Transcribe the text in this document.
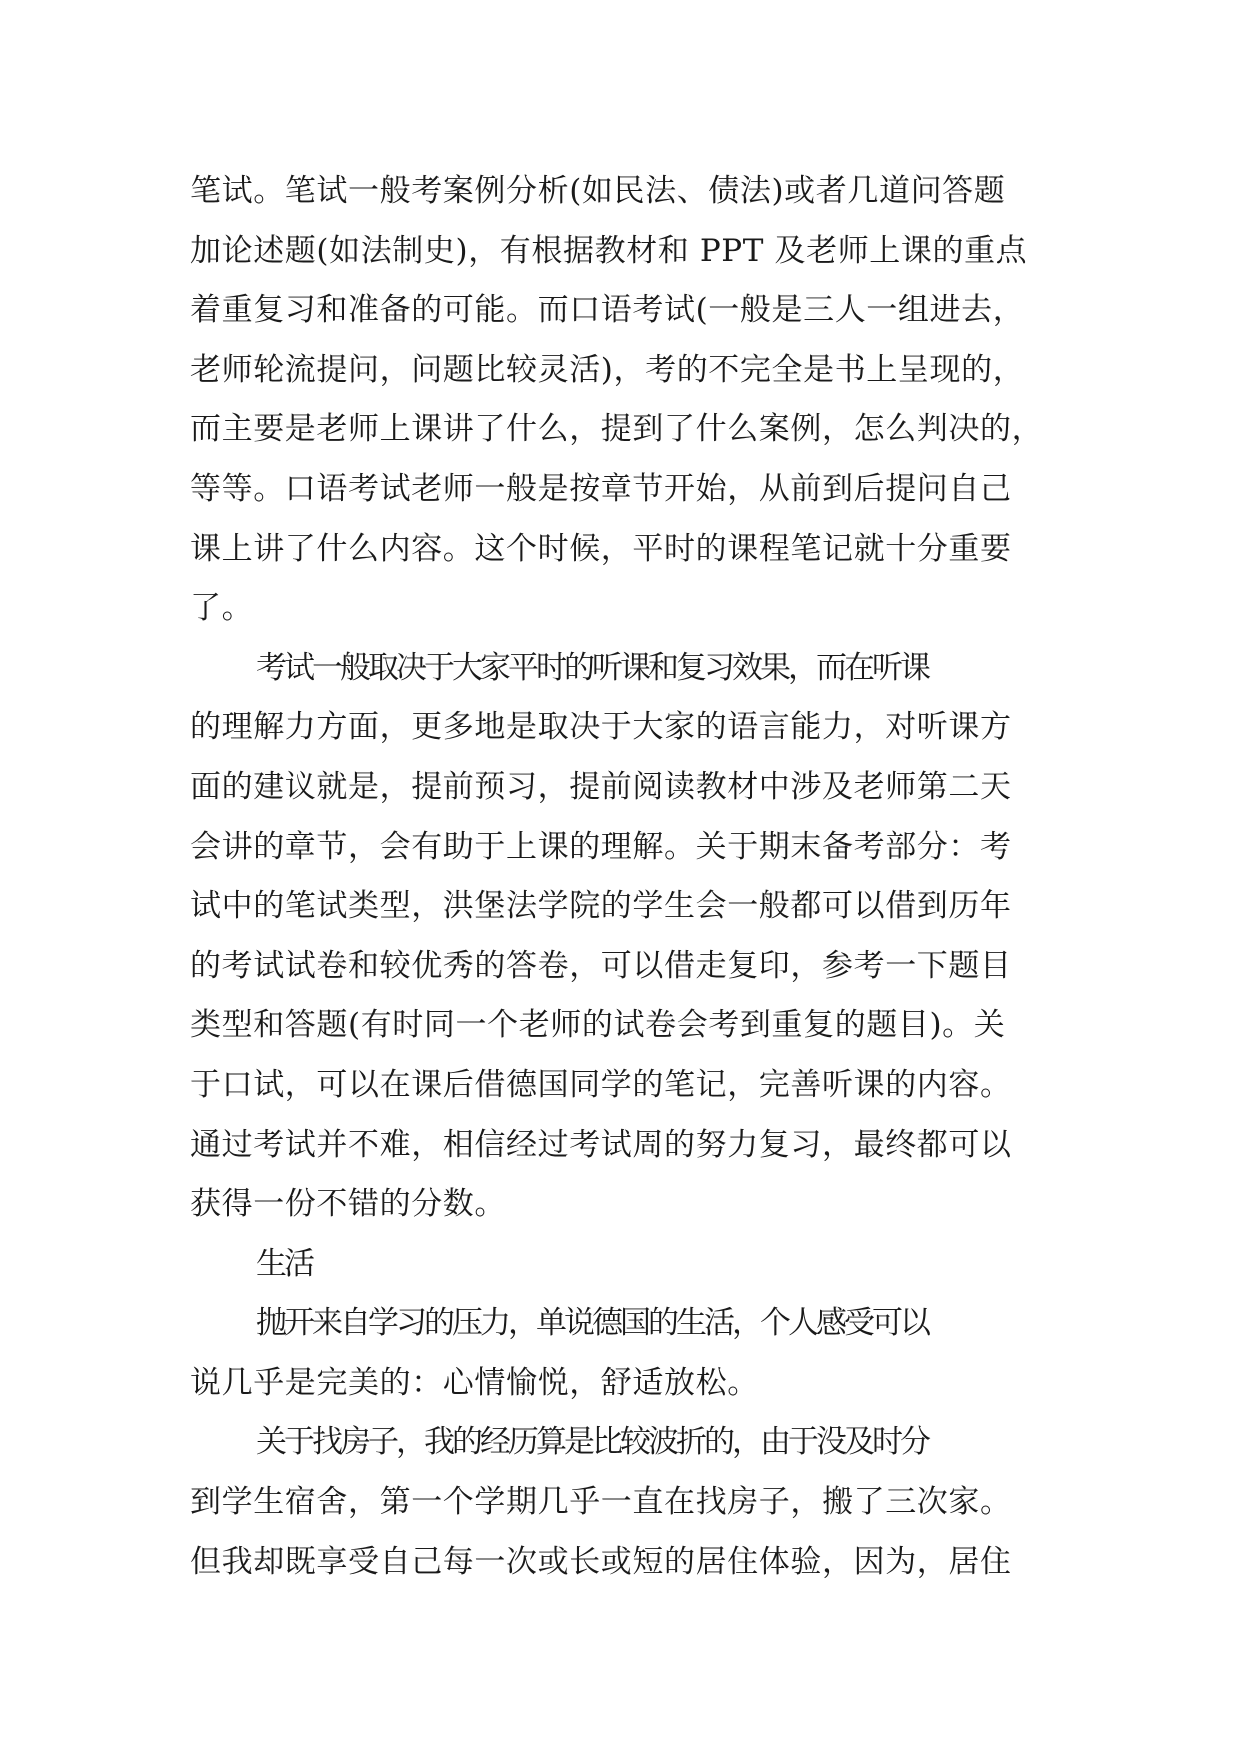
笔试。笔试一般考案例分析(如民法、债法)或者几道问答题
加论述题(如法制史)，有根据教材和 PPT 及老师上课的重点
着重复习和准备的可能。而口语考试(一般是三人一组进去，
老师轮流提问，问题比较灵活)，考的不完全是书上呈现的，
而主要是老师上课讲了什么，提到了什么案例，怎么判决的，
等等。口语考试老师一般是按章节开始，从前到后提问自己
课上讲了什么内容。这个时候，平时的课程笔记就十分重要
了。
考试一般取决于大家平时的听课和复习效果，而在听课
的理解力方面，更多地是取决于大家的语言能力，对听课方
面的建议就是，提前预习，提前阅读教材中涉及老师第二天
会讲的章节，会有助于上课的理解。关于期末备考部分：考
试中的笔试类型，洪堡法学院的学生会一般都可以借到历年
的考试试卷和较优秀的答卷，可以借走复印，参考一下题目
类型和答题(有时同一个老师的试卷会考到重复的题目)。关
于口试，可以在课后借德国同学的笔记，完善听课的内容。
通过考试并不难，相信经过考试周的努力复习，最终都可以
获得一份不错的分数。
生活
抛开来自学习的压力，单说德国的生活，个人感受可以
说几乎是完美的：心情愉悦，舒适放松。
关于找房子，我的经历算是比较波折的，由于没及时分
到学生宿舍，第一个学期几乎一直在找房子，搬了三次家。
但我却既享受自己每一次或长或短的居住体验，因为，居住
